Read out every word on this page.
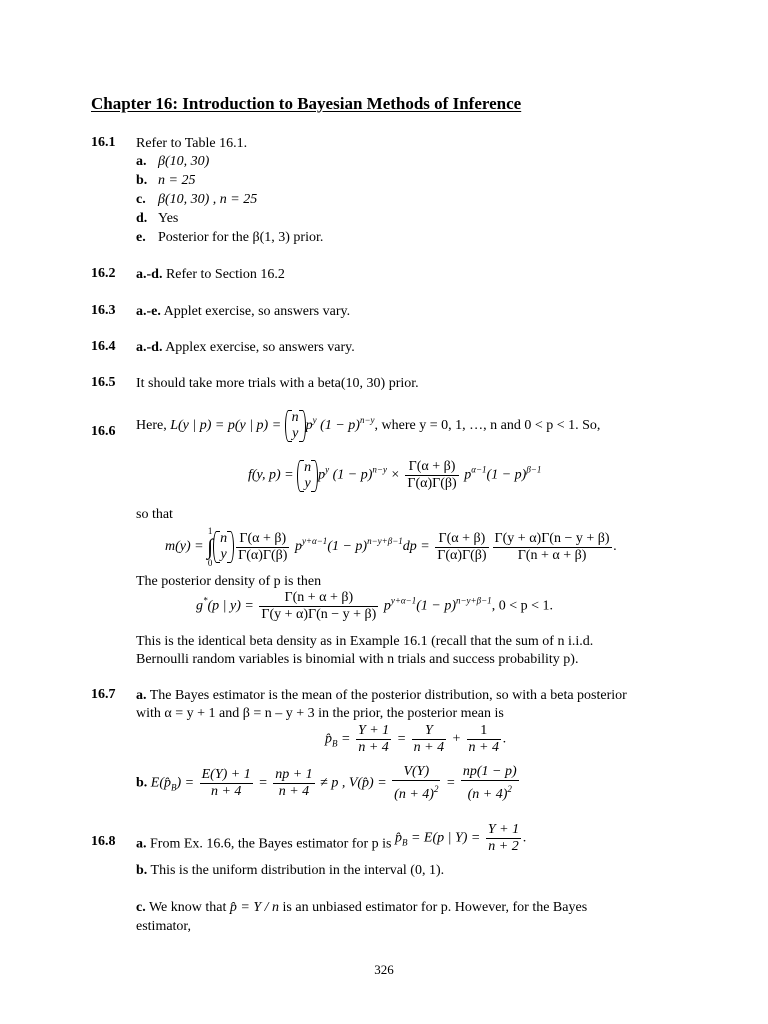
Chapter 16: Introduction to Bayesian Methods of Inference
16.1 Refer to Table 16.1.
a. β(10, 30)
b. n = 25
c. β(10, 30) , n = 25
d. Yes
e. Posterior for the β(1, 3) prior.
16.2 a.-d. Refer to Section 16.2
16.3 a.-e. Applet exercise, so answers vary.
16.4 a.-d. Applex exercise, so answers vary.
16.5 It should take more trials with a beta(10, 30) prior.
16.6 Here, L(y | p) = p(y | p) =
n
y
$p^y$ $(1 - p)^{n-y}$, where y = 0, 1, …, n and 0 < p < 1. So,
f(y, p) =
n
y
$p^y$ $(1 - p)^{n-y} \times \frac{\Gamma(\alpha + \beta)}{\Gamma(\alpha)\Gamma(\beta)} p^{\alpha-1}(1 - p)^{\beta-1}$
so that
m(y) = 1
∫
0
n
y $\frac{\Gamma(\alpha + \beta)}{\Gamma(\alpha)\Gamma(\beta)} p^{y+\alpha-1}(1 - p)^{n-y+\beta-1}dp = \frac{\Gamma(\alpha + \beta)}{\Gamma(\alpha)\Gamma(\beta)} \frac{\Gamma(y + \alpha)\Gamma(n - y + \beta)}{\Gamma(n + \alpha + \beta)}$ .
The posterior density of p is then
g*(p | $y) = \frac{\Gamma(n + \alpha + \beta)}{\Gamma(y + \alpha)\Gamma(n - y + \beta)} p^{y+\alpha-1}(1 - p)^{n-y+\beta-1}$, 0 < p < 1.
This is the identical beta density as in Example 16.1 (recall that the sum of n i.i.d.
Bernoulli random variables is binomial with n trials and success probability p).
16.7 a. The Bayes estimator is the mean of the posterior distribution, so with a beta posterior
with α = y + 1 and β = n – y + 3 in the prior, the posterior mean is
$p̂_B = \frac{Y + 1}{n + 4} = \frac{Y}{n + 4} + \frac{1}{n + 4}$ .
b. $E(p̂_B) = \frac{E(Y) + 1}{n + 4} = \frac{np + 1}{n + 4} \ne p$ , V(p̂) = $\frac{V(Y)}{(n + 4)^2} = \frac{np(1 - p)}{(n + 4)^2}$
16.8 a. From Ex. 16.6, the Bayes estimator for p is $p̂_B = E(p$ | $Y) = \frac{Y + 1}{n + 2}$ .
b. This is the uniform distribution in the interval (0, 1).
c. We know that p̂ = Y / n is an unbiased estimator for p. However, for the Bayes
estimator,
326
